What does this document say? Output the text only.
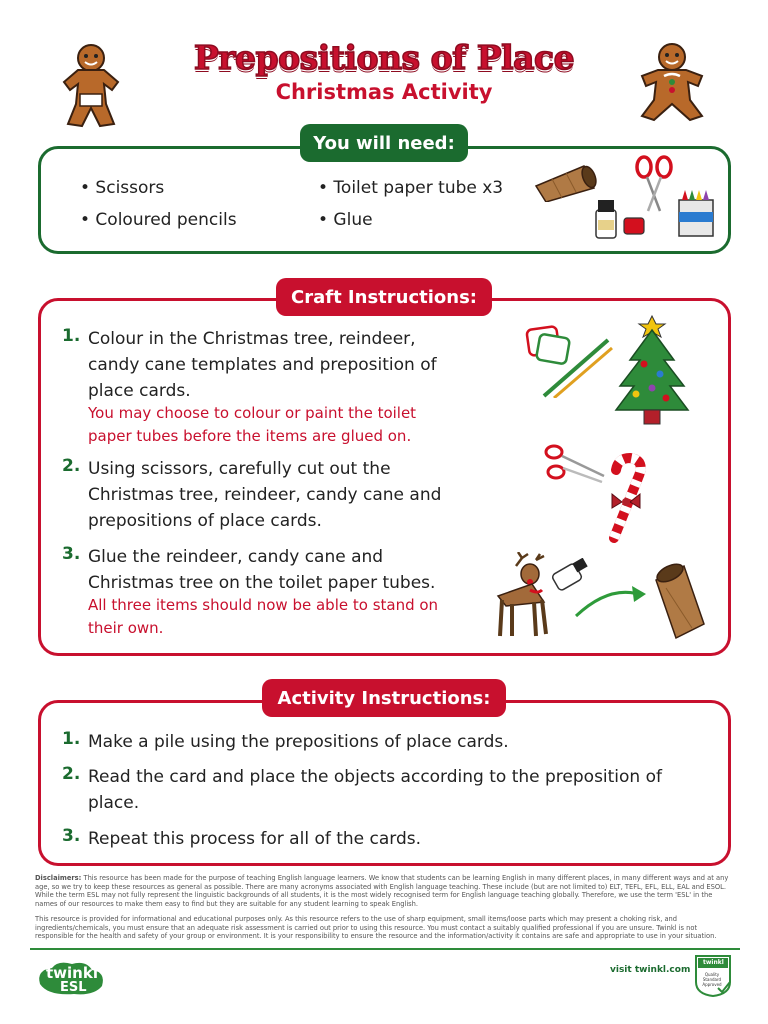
Prepositions of Place
Christmas Activity
You will need:
• Scissors
• Coloured pencils
• Toilet paper tube x3
• Glue
Craft Instructions:
1. Colour in the Christmas tree, reindeer,
candy cane templates and preposition of
place cards.
You may choose to colour or paint the toilet
paper tubes before the items are glued on.
2. Using scissors, carefully cut out the
Christmas tree, reindeer, candy cane and
prepositions of place cards.
3. Glue the reindeer, candy cane and
Christmas tree on the toilet paper tubes.
All three items should now be able to stand on
their own.
Activity Instructions:
1. Make a pile using the prepositions of place cards.
2. Read the card and place the objects according to the preposition of
place.
3. Repeat this process for all of the cards.
Disclaimers: This resource has been made for the purpose of teaching English language learners. We know that students can be learning English in many different places, in many different ways and at any age, so we try to keep these resources as general as possible. There are many acronyms associated with English language teaching. These include (but are not limited to) ELT, TEFL, EFL, ELL, EAL and ESOL. While the term ESL may not fully represent the linguistic backgrounds of all students, it is the most widely recognised term for English language teaching globally. Therefore, we use the term 'ESL' in the names of our resources to make them easy to find but they are suitable for any student learning to speak English.
This resource is provided for informational and educational purposes only. As this resource refers to the use of sharp equipment, small items/loose parts which may present a choking risk, and ingredients/chemicals, you must ensure that an adequate risk assessment is carried out prior to using this resource. You must contact a suitably qualified professional if you are unsure. Twinkl is not responsible for the health and safety of your group or environment. It is your responsibility to ensure the resource and the information/activity it contains are safe and appropriate to use in your situation.
twinkl
ESL
visit twinkl.com
twinkl
Quality Standard Approved
